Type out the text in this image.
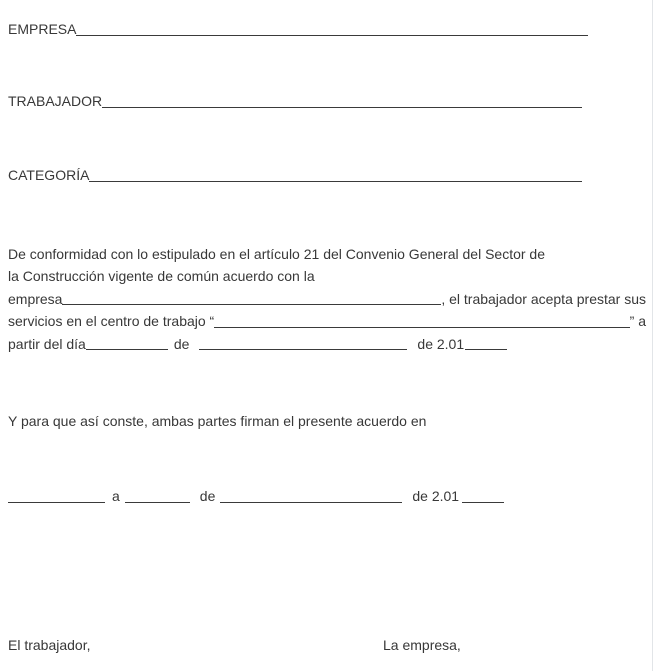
EMPRESA
TRABAJADOR
CATEGORÍA
De conformidad con lo estipulado en el artículo 21 del Convenio General del Sector de
la Construcción vigente de común acuerdo con la
empresa	, el trabajador acepta prestar sus
servicios en el centro de trabajo “	” a
partir del día	de	de 2.01
Y para que así conste, ambas partes firman el presente acuerdo en
a	de	de 2.01
El trabajador,	La empresa,
